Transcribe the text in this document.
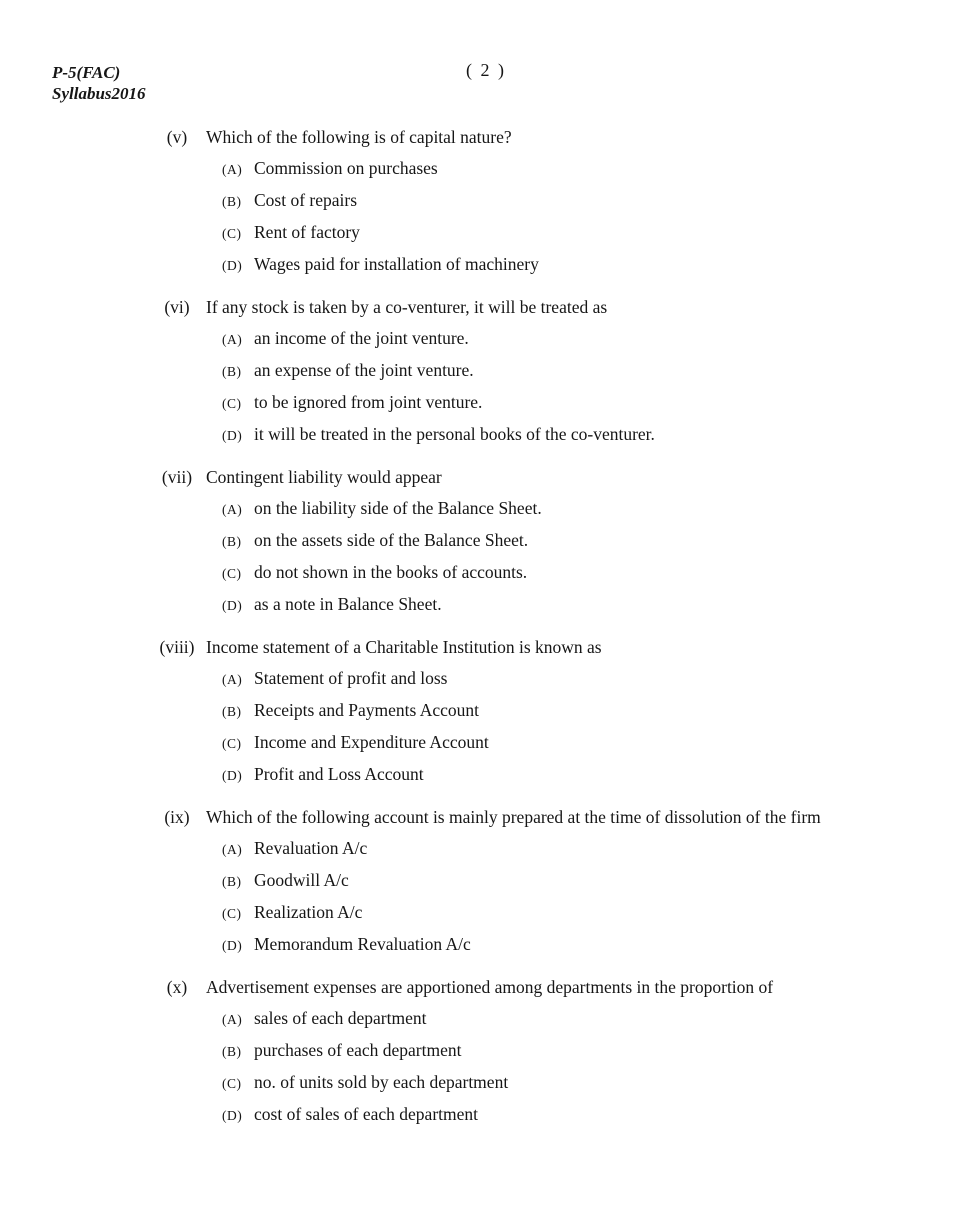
P-5(FAC)
Syllabus2016
( 2 )
(v)	Which of the following is of capital nature?
(A) Commission on purchases
(B) Cost of repairs
(C) Rent of factory
(D) Wages paid for installation of machinery
(vi) If any stock is taken by a co-venturer, it will be treated as
(A) an income of the joint venture.
(B) an expense of the joint venture.
(C) to be ignored from joint venture.
(D) it will be treated in the personal books of the co-venturer.
(vii) Contingent liability would appear
(A) on the liability side of the Balance Sheet.
(B) on the assets side of the Balance Sheet.
(C) do not shown in the books of accounts.
(D) as a note in Balance Sheet.
(viii) Income statement of a Charitable Institution is known as
(A) Statement of profit and loss
(B) Receipts and Payments Account
(C) Income and Expenditure Account
(D) Profit and Loss Account
(ix) Which of the following account is mainly prepared at the time of dissolution of the firm
(A) Revaluation A/c
(B) Goodwill A/c
(C) Realization A/c
(D) Memorandum Revaluation A/c
(x)	Advertisement expenses are apportioned among departments in the proportion of
(A) sales of each department
(B) purchases of each department
(C) no. of units sold by each department
(D) cost of sales of each department
